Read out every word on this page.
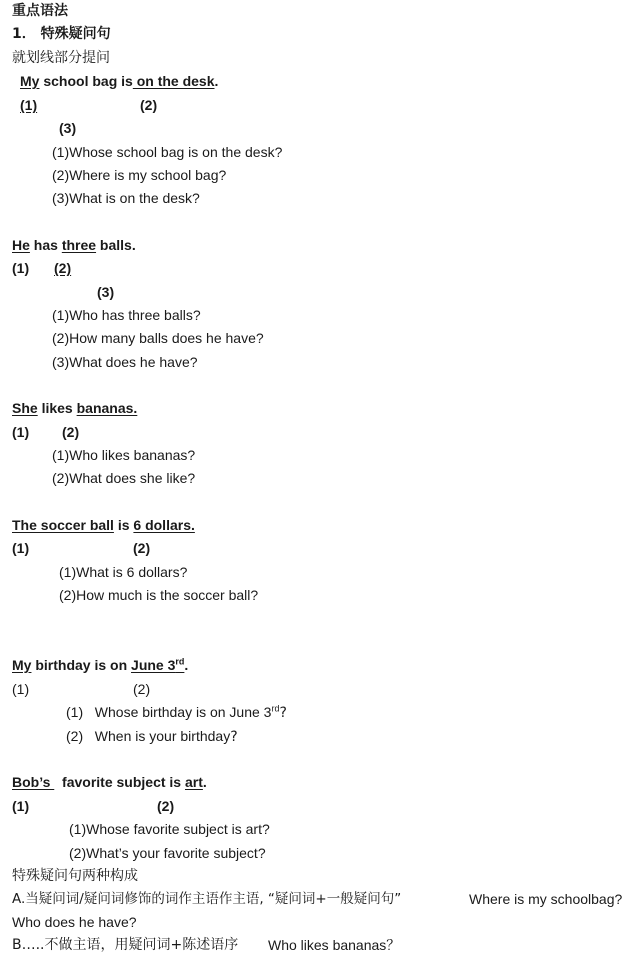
重点语法
1． 特殊疑问句
就划线部分提问
My school bag is on the desk.
(1)	(2)
(3)
(1)Whose school bag is on the desk?
(2)Where is my school bag?
(3)What is on the desk?
He has three balls.
(1) (2)
(3)
(1)Who has three balls?
(2)How many balls does he have?
(3)What does he have?
She likes bananas.
(1) (2)
(1)Who likes bananas?
(2)What does she like?
The soccer ball is 6 dollars.
(1)	(2)
(1)What is 6 dollars?
(2)How much is the soccer ball?
My birthday is on June 3rd.
(1)	(2)
(1) Whose birthday is on June 3rd?
(2) When is your birthday?
Bob’s   favorite subject is art.
(1)	(2)
(1)Whose favorite subject is art?
(2)What’s your favorite subject?
特殊疑问句两种构成
A.当疑问词/疑问词修饰的词作主语作主语, “疑问词+一般疑问句”	Where is my schoolbag?
Who does he have?
B…..不做主语，用疑问词+陈述语序 Who likes bananas？
